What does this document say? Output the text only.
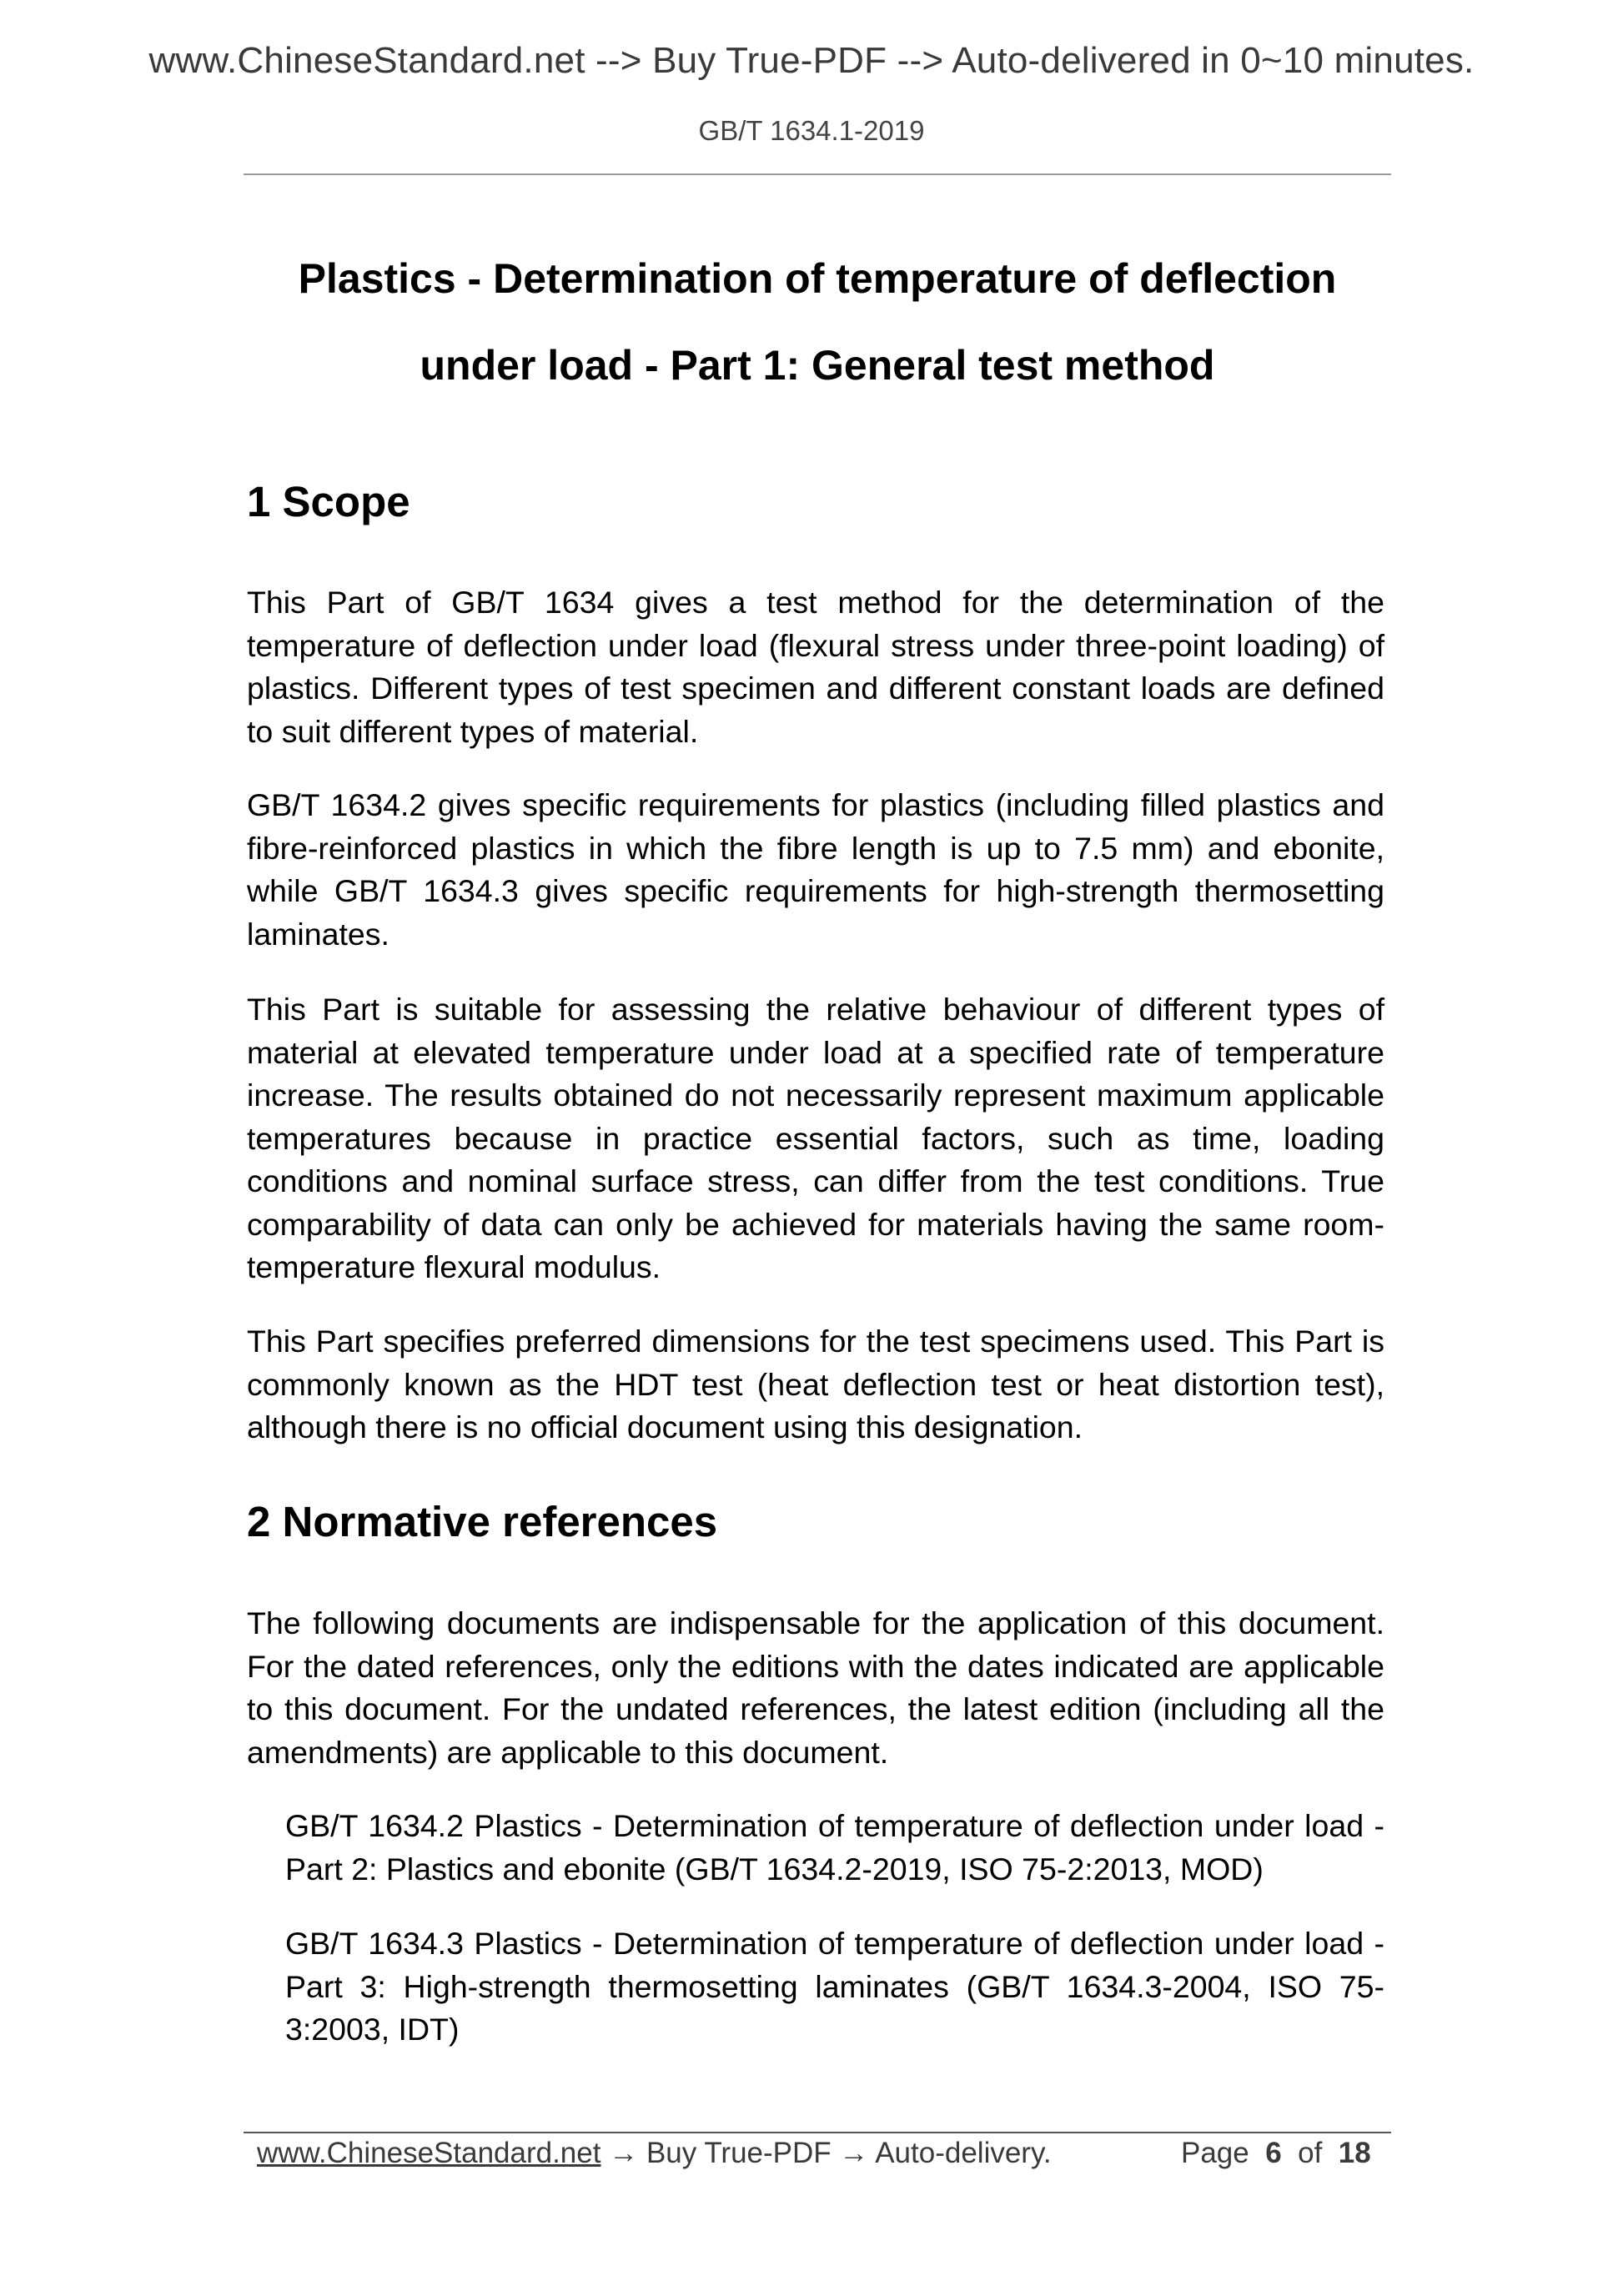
www.ChineseStandard.net --> Buy True-PDF --> Auto-delivered in 0~10 minutes.
GB/T 1634.1-2019
Plastics - Determination of temperature of deflection
under load - Part 1: General test method
1 Scope

This Part of GB/T 1634 gives a test method for the determination of the temperature of deflection under load (flexural stress under three-point loading) of plastics. Different types of test specimen and different constant loads are defined to suit different types of material.

GB/T 1634.2 gives specific requirements for plastics (including filled plastics and fibre-reinforced plastics in which the fibre length is up to 7.5 mm) and ebonite, while GB/T 1634.3 gives specific requirements for high-strength thermosetting laminates.

This Part is suitable for assessing the relative behaviour of different types of material at elevated temperature under load at a specified rate of temperature increase. The results obtained do not necessarily represent maximum applicable temperatures because in practice essential factors, such as time, loading conditions and nominal surface stress, can differ from the test conditions. True comparability of data can only be achieved for materials having the same room-temperature flexural modulus.

This Part specifies preferred dimensions for the test specimens used. This Part is commonly known as the HDT test (heat deflection test or heat distortion test), although there is no official document using this designation.

2 Normative references

The following documents are indispensable for the application of this document. For the dated references, only the editions with the dates indicated are applicable to this document. For the undated references, the latest edition (including all the amendments) are applicable to this document.

GB/T 1634.2 Plastics - Determination of temperature of deflection under load - Part 2: Plastics and ebonite (GB/T 1634.2-2019, ISO 75-2:2013, MOD)

GB/T 1634.3 Plastics - Determination of temperature of deflection under load - Part 3: High-strength thermosetting laminates (GB/T 1634.3-2004, ISO 75-3:2003, IDT)

www.ChineseStandard.net → Buy True-PDF → Auto-delivery.	Page 6 of 18
